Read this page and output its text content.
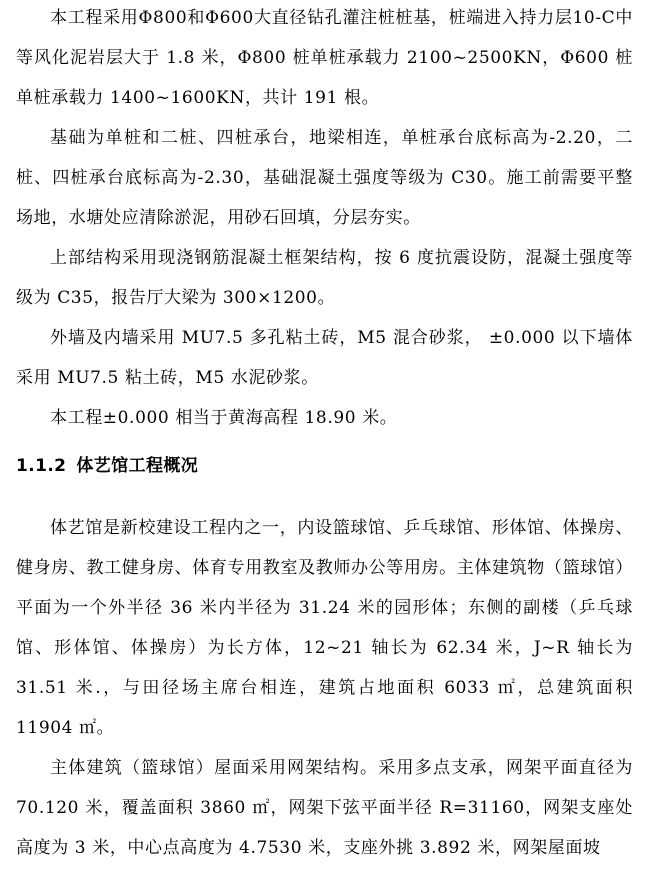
本工程采用Φ800和Φ600大直径钻孔灌注桩桩基，桩端进入持力层10-C中等风化泥岩层大于 1.8 米，Φ800 桩单桩承载力 2100~2500KN，Φ600 桩单桩承载力 1400~1600KN，共计 191 根。

基础为单桩和二桩、四桩承台，地梁相连，单桩承台底标高为-2.20，二桩、四桩承台底标高为-2.30，基础混凝土强度等级为 C30。施工前需要平整场地，水塘处应清除淤泥，用砂石回填，分层夯实。

上部结构采用现浇钢筋混凝土框架结构，按 6 度抗震设防，混凝土强度等级为 C35，报告厅大梁为 300×1200。

外墙及内墙采用 MU7.5 多孔粘土砖，M5 混合砂浆， ±0.000 以下墙体采用 MU7.5 粘土砖，M5 水泥砂浆。

本工程±0.000 相当于黄海高程 18.90 米。

1.1.2 体艺馆工程概况

体艺馆是新校建设工程内之一，内设篮球馆、乒乓球馆、形体馆、体操房、健身房、教工健身房、体育专用教室及教师办公等用房。主体建筑物（篮球馆）平面为一个外半径 36 米内半径为 31.24 米的园形体；东侧的副楼（乒乓球馆、形体馆、体操房）为长方体，12~21 轴长为 62.34 米，J~R 轴长为 31.51 米.，与田径场主席台相连，建筑占地面积 6033 ㎡，总建筑面积 11904 ㎡。

主体建筑（篮球馆）屋面采用网架结构。采用多点支承，网架平面直径为 70.120 米，覆盖面积 3860 ㎡，网架下弦平面半径 R=31160，网架支座处高度为 3 米，中心点高度为 4.7530 米，支座外挑 3.892 米，网架屋面坡
